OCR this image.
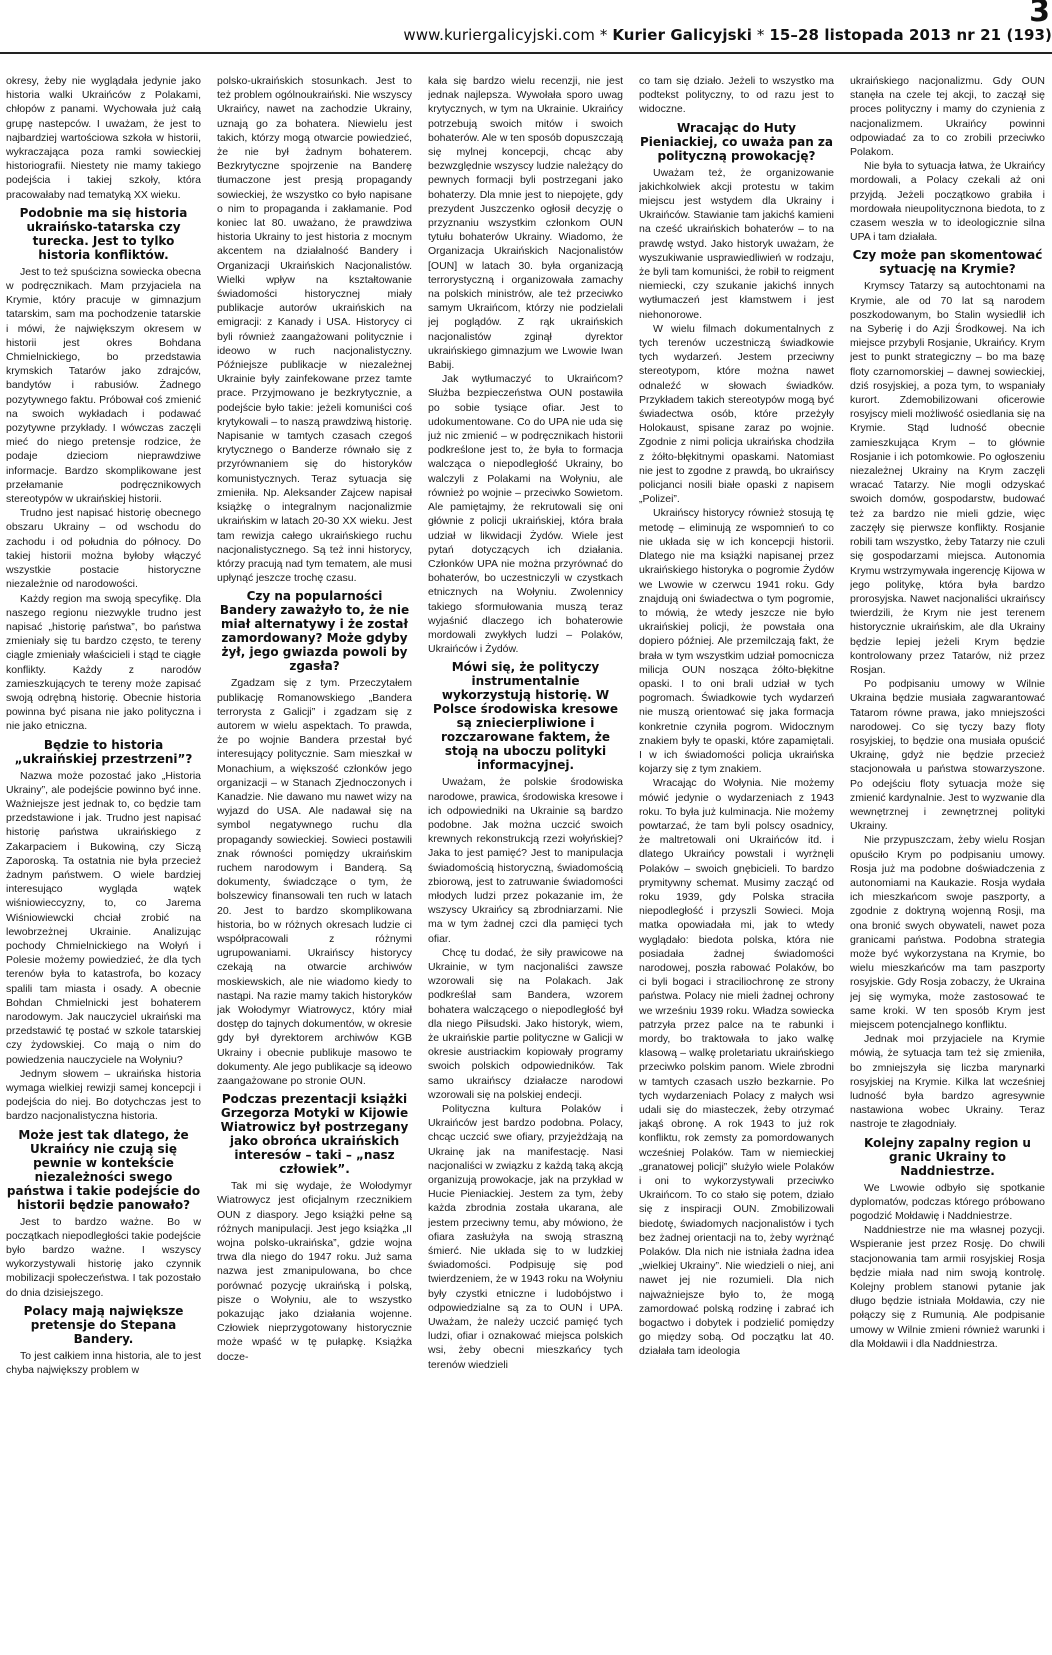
3
www.kuriergalicyjski.com * Kurier Galicyjski * 15–28 listopada 2013 nr 21 (193)

okresy, żeby nie wyglądała jedynie jako historia walki Ukraińców z Polakami, chłopów z panami. Wychowała już całą grupę nastepców. I uważam, że jest to najbardziej wartościowa szkoła w historii, wykraczająca poza ramki sowieckiej historiografii. Niestety nie mamy takiego podejścia i takiej szkoły, która pracowałaby nad tematyką XX wieku.

Podobnie ma się historia ukraińsko-tatarska czy turecka. Jest to tylko historia konfliktów.

Jest to też spuścizna sowiecka obecna w podręcznikach. Mam przyjaciela na Krymie, który pracuje w gimnazjum tatarskim, sam ma pochodzenie tatarskie i mówi, że największym okresem w historii jest okres Bohdana Chmielnickiego, bo przedstawia krymskich Tatarów jako zdrajców, bandytów i rabusiów. Żadnego pozytywnego faktu. Próbował coś zmienić na swoich wykładach i podawać pozytywne przykłady. I wówczas zaczęli mieć do niego pretensje rodzice, że podaje dzieciom nieprawdziwe informacje. Bardzo skomplikowane jest przełamanie podręcznikowych stereotypów w ukraińskiej historii.

Trudno jest napisać historię obecnego obszaru Ukrainy – od wschodu do zachodu i od południa do północy. Do takiej historii można byłoby włączyć wszystkie postacie historyczne niezależnie od narodowości.

Każdy region ma swoją specyfikę. Dla naszego regionu niezwykle trudno jest napisać „historię państwa”, bo państwa zmieniały się tu bardzo często, te tereny ciągle zmieniały właścicieli i stąd te ciągłe konflikty. Każdy z narodów zamieszkujących te tereny może zapisać swoją odrębną historię. Obecnie historia powinna być pisana nie jako polityczna i nie jako etniczna.

Będzie to historia „ukraińskiej przestrzeni”?

Nazwa może pozostać jako „Historia Ukrainy”, ale podejście powinno być inne. Ważniejsze jest jednak to, co będzie tam przedstawione i jak. Trudno jest napisać historię państwa ukraińskiego z Zakarpaciem i Bukowiną, czy Siczą Zaporoską. Ta ostatnia nie była przecież żadnym państwem. O wiele bardziej interesująco wygląda wątek wiśniowieccyzny, to, co Jarema Wiśniowiewcki chciał zrobić na lewobrzeżnej Ukrainie. Analizując pochody Chmielnickiego na Wołyń i Polesie możemy powiedzieć, że dla tych terenów była to katastrofa, bo kozacy spalili tam miasta i osady. A obecnie Bohdan Chmielnicki jest bohaterem narodowym. Jak nauczyciel ukraiński ma przedstawić tę postać w szkole tatarskiej czy żydowskiej. Co mają o nim do powiedzenia nauczyciele na Wołyniu?

Jednym słowem – ukraińska historia wymaga wielkiej rewizji samej koncepcji i podejścia do niej. Bo dotychczas jest to bardzo nacjonalistyczna historia.

Może jest tak dlatego, że Ukraińcy nie czują się pewnie w kontekście niezależności swego państwa i takie podejście do historii będzie panowało?

Jest to bardzo ważne. Bo w początkach niepodległości takie podejście było bardzo ważne. I wszyscy wykorzystywali historię jako czynnik mobilizacji społeczeństwa. I tak pozostało do dnia dzisiejszego.

Polacy mają największe pretensje do Stepana Bandery.

To jest całkiem inna historia, ale to jest chyba największy problem w

polsko-ukraińskich stosunkach. Jest to też problem ogólnoukraiński. Nie wszyscy Ukraińcy, nawet na zachodzie Ukrainy, uznają go za bohatera. Niewielu jest takich, którzy mogą otwarcie powiedzieć, że nie był żadnym bohaterem. Bezkrytyczne spojrzenie na Banderę tłumaczone jest presją propagandy sowieckiej, że wszystko co było napisane o nim to propaganda i zakłamanie. Pod koniec lat 80. uważano, że prawdziwa historia Ukrainy to jest historia z mocnym akcentem na działalność Bandery i Organizacji Ukraińskich Nacjonalistów. Wielki wpływ na kształtowanie świadomości historycznej miały publikacje autorów ukraińskich na emigracji: z Kanady i USA. Historycy ci byli również zaangażowani politycznie i ideowo w ruch nacjonalistyczny. Późniejsze publikacje w niezależnej Ukrainie były zainfekowane przez tamte prace. Przyjmowano je bezkrytycznie, a podejście było takie: jeżeli komuniści coś krytykowali – to naszą prawdziwą historię. Napisanie w tamtych czasach czegoś krytycznego o Banderze równało się z przyrównaniem się do historyków komunistycznych. Teraz sytuacja się zmieniła. Np. Aleksander Zajcew napisał książkę o integralnym nacjonalizmie ukraińskim w latach 20-30 XX wieku. Jest tam rewizja całego ukraińskiego ruchu nacjonalistycznego. Są też inni historycy, którzy pracują nad tym tematem, ale musi upłynąć jeszcze trochę czasu.

Czy na popularności Bandery zaważyło to, że nie miał alternatywy i że został zamordowany? Może gdyby żył, jego gwiazda powoli by zgasła?

Zgadzam się z tym. Przeczytałem publikację Romanowskiego „Bandera terrorysta z Galicji” i zgadzam się z autorem w wielu aspektach. To prawda, że po wojnie Bandera przestał być interesujący politycznie. Sam mieszkał w Monachium, a większość członków jego organizacji – w Stanach Zjednoczonych i Kanadzie. Nie dawano mu nawet wizy na wyjazd do USA. Ale nadawał się na symbol negatywnego ruchu dla propagandy sowieckiej. Sowieci postawili znak równości pomiędzy ukraińskim ruchem narodowym i Banderą. Są dokumenty, świadczące o tym, że bolszewicy finansowali ten ruch w latach 20. Jest to bardzo skomplikowana historia, bo w różnych okresach ludzie ci współpracowali z różnymi ugrupowaniami. Ukraińscy historycy czekają na otwarcie archiwów moskiewskich, ale nie wiadomo kiedy to nastąpi. Na razie mamy takich historyków jak Wołodymyr Wiatrowycz, który miał dostęp do tajnych dokumentów, w okresie gdy był dyrektorem archiwów KGB Ukrainy i obecnie publikuje masowo te dokumenty. Ale jego publikacje są ideowo zaangażowane po stronie OUN.

Podczas prezentacji książki Grzegorza Motyki w Kijowie Wiatrowicz był postrzegany jako obrońca ukraińskich interesów – taki – „nasz człowiek”.

Tak mi się wydaje, że Wołodymyr Wiatrowycz jest oficjalnym rzecznikiem OUN z diaspory. Jego książki pełne są różnych manipulacji. Jest jego książka „II wojna polsko-ukraińska”, gdzie wojna trwa dla niego do 1947 roku. Już sama nazwa jest zmanipulowana, bo chce porównać pozycję ukraińską i polską, pisze o Wołyniu, ale to wszystko pokazując jako działania wojenne. Człowiek nieprzygotowany historycznie może wpaść w tę pułapkę. Książka docze-

kała się bardzo wielu recenzji, nie jest jednak najlepsza. Wywołała sporo uwag krytycznych, w tym na Ukrainie. Ukraińcy potrzebują swoich mitów i swoich bohaterów. Ale w ten sposób dopuszczają się mylnej koncepcji, chcąc aby bezwzględnie wszyscy ludzie należący do pewnych formacji byli postrzegani jako bohaterzy. Dla mnie jest to niepojęte, gdy prezydent Juszczenko ogłosił decyzję o przyznaniu wszystkim członkom OUN tytułu bohaterów Ukrainy. Wiadomo, że Organizacja Ukraińskich Nacjonalistów [OUN] w latach 30. była organizacją terrorystyczną i organizowała zamachy na polskich ministrów, ale też przeciwko samym Ukraińcom, którzy nie podzielali jej poglądów. Z rąk ukraińskich nacjonalistów zginął dyrektor ukraińskiego gimnazjum we Lwowie Iwan Babij.

Jak wytłumaczyć to Ukraińcom? Służba bezpieczeństwa OUN postawiła po sobie tysiące ofiar. Jest to udokumentowane. Co do UPA nie uda się już nic zmienić – w podręcznikach historii podkreślone jest to, że była to formacja walcząca o niepodległość Ukrainy, bo walczyli z Polakami na Wołyniu, ale również po wojnie – przeciwko Sowietom. Ale pamiętajmy, że rekrutowali się oni głównie z policji ukraińskiej, która brała udział w likwidacji Żydów. Wiele jest pytań dotyczących ich działania. Członków UPA nie można przyrównać do bohaterów, bo uczestniczyli w czystkach etnicznych na Wołyniu. Zwolennicy takiego sformułowania muszą teraz wyjaśnić dlaczego ich bohaterowie mordowali zwykłych ludzi – Polaków, Ukraińców i Żydów.

Mówi się, że polityczy instrumentalnie wykorzystują historię. W Polsce środowiska kresowe są zniecierpliwione i rozczarowane faktem, że stoją na uboczu polityki informacyjnej.

Uważam, że polskie środowiska narodowe, prawica, środowiska kresowe i ich odpowiedniki na Ukrainie są bardzo podobne. Jak można uczcić swoich krewnych rekonstrukcją rzezi wołyńskiej? Jaka to jest pamięć? Jest to manipulacja świadomością historyczną, świadomością zbiorową, jest to zatruwanie świadomości młodych ludzi przez pokazanie im, że wszyscy Ukraińcy są zbrodniarzami. Nie ma w tym żadnej czci dla pamięci tych ofiar.

Chcę tu dodać, że siły prawicowe na Ukrainie, w tym nacjonaliści zawsze wzorowali się na Polakach. Jak podkreślał sam Bandera, wzorem bohatera walczącego o niepodległość był dla niego Piłsudski. Jako historyk, wiem, że ukraińskie partie polityczne w Galicji w okresie austriackim kopiowały programy swoich polskich odpowiedników. Tak samo ukraińscy działacze narodowi wzorowali się na polskiej endecji.

Polityczna kultura Polaków i Ukraińców jest bardzo podobna. Polacy, chcąc uczcić swe ofiary, przyjeżdżają na Ukrainę jak na manifestację. Nasi nacjonaliści w związku z każdą taką akcją organizują prowokacje, jak na przykład w Hucie Pieniackiej. Jestem za tym, żeby każda zbrodnia została ukarana, ale jestem przeciwny temu, aby mówiono, że ofiara zasłużyła na swoją straszną śmierć. Nie układa się to w ludzkiej świadomości. Podpisuję się pod twierdzeniem, że w 1943 roku na Wołyniu były czystki etniczne i ludobójstwo i odpowiedzialne są za to OUN i UPA. Uważam, że należy uczcić pamięć tych ludzi, ofiar i oznakować miejsca polskich wsi, żeby obecni mieszkańcy tych terenów wiedzieli

co tam się działo. Jeżeli to wszystko ma podtekst polityczny, to od razu jest to widoczne.

Wracając do Huty Pieniackiej, co uważa pan za polityczną prowokację?

Uważam też, że organizowanie jakichkolwiek akcji protestu w takim miejscu jest wstydem dla Ukrainy i Ukraińców. Stawianie tam jakichś kamieni na cześć ukraińskich bohaterów – to na prawdę wstyd. Jako historyk uważam, że wyszukiwanie usprawiedliwień w rodzaju, że byli tam komuniści, że robił to reigment niemiecki, czy szukanie jakichś innych wytłumaczeń jest kłamstwem i jest niehonorowe.

W wielu filmach dokumentalnych z tych terenów uczestniczą świadkowie tych wydarzeń. Jestem przeciwny stereotypom, które można nawet odnaleźć w słowach świadków. Przykładem takich stereotypów mogą być świadectwa osób, które przeżyły Holokaust, spisane zaraz po wojnie. Zgodnie z nimi policja ukraińska chodziła z żółto-błękitnymi opaskami. Natomiast nie jest to zgodne z prawdą, bo ukraińscy policjanci nosili białe opaski z napisem „Polizei”.

Ukraińscy historycy również stosują tę metodę – eliminują ze wspomnień to co nie układa się w ich koncepcji historii. Dlatego nie ma książki napisanej przez ukraińskiego historyka o pogromie Żydów we Lwowie w czerwcu 1941 roku. Gdy znajdują oni świadectwa o tym pogromie, to mówią, że wtedy jeszcze nie było ukraińskiej policji, że powstała ona dopiero później. Ale przemilczają fakt, że brała w tym wszystkim udział pomocnicza milicja OUN nosząca żółto-błękitne opaski. I to oni brali udział w tych pogromach. Świadkowie tych wydarzeń nie muszą orientować się jaka formacja konkretnie czyniła pogrom. Widocznym znakiem były te opaski, które zapamiętali. I w ich świadomości policja ukraińska kojarzy się z tym znakiem.

Wracając do Wołynia. Nie możemy mówić jedynie o wydarzeniach z 1943 roku. To była już kulminacja. Nie możemy powtarzać, że tam byli polscy osadnicy, że maltretowali oni Ukraińców itd. i dlatego Ukraińcy powstali i wyrżnęli Polaków – swoich gnębicieli. To bardzo prymitywny schemat. Musimy zacząć od roku 1939, gdy Polska straciła niepodległość i przyszli Sowieci. Moja matka opowiadała mi, jak to wtedy wyglądało: biedota polska, która nie posiadała żadnej świadomości narodowej, poszła rabować Polaków, bo ci byli bogaci i straciliochronę ze strony państwa. Polacy nie mieli żadnej ochrony we wrześniu 1939 roku. Władza sowiecka patrzyła przez palce na te rabunki i mordy, bo traktowała to jako walkę klasową – walkę proletariatu ukraińskiego przeciwko polskim panom. Wiele zbrodni w tamtych czasach uszło bezkarnie. Po tych wydarzeniach Polacy z małych wsi udali się do miasteczek, żeby otrzymać jakąś obronę. A rok 1943 to już rok konfliktu, rok zemsty za pomordowanych wcześniej Polaków. Tam w niemieckiej „granatowej policji” służyło wiele Polaków i oni to wykorzystywali przeciwko Ukraińcom. To co stało się potem, działo się z inspiracji OUN. Zmobilizowali biedotę, świadomych nacjonalistów i tych bez żadnej orientacji na to, żeby wyrżnąć Polaków. Dla nich nie istniała żadna idea „wielkiej Ukrainy”. Nie wiedzieli o niej, ani nawet jej nie rozumieli. Dla nich najważniejsze było to, że mogą zamordować polską rodzinę i zabrać ich bogactwo i dobytek i podzielić pomiędzy go między sobą. Od początku lat 40. działała tam ideologia

ukraińskiego nacjonalizmu. Gdy OUN stanęła na czele tej akcji, to zaczął się proces polityczny i mamy do czynienia z nacjonalizmem. Ukraińcy powinni odpowiadać za to co zrobili przeciwko Polakom.

Nie była to sytuacja łatwa, że Ukraińcy mordowali, a Polacy czekali aż oni przyjdą. Jeżeli początkowo grabiła i mordowała nieupolitycznona biedota, to z czasem weszła w to ideologicznie silna UPA i tam działała.

Czy może pan skomentować sytuację na Krymie?

Krymscy Tatarzy są autochtonami na Krymie, ale od 70 lat są narodem poszkodowanym, bo Stalin wysiedlił ich na Syberię i do Azji Środkowej. Na ich miejsce przybyli Rosjanie, Ukraińcy. Krym jest to punkt strategiczny – bo ma bazę floty czarnomorskiej – dawnej sowieckiej, dziś rosyjskiej, a poza tym, to wspaniały kurort. Zdemobilizowani oficerowie rosyjscy mieli możliwość osiedlania się na Krymie. Stąd ludność obecnie zamieszkująca Krym – to głównie Rosjanie i ich potomkowie. Po ogłoszeniu niezależnej Ukrainy na Krym zaczęli wracać Tatarzy. Nie mogli odzyskać swoich domów, gospodarstw, budować też za bardzo nie mieli gdzie, więc zaczęły się pierwsze konflikty. Rosjanie robili tam wszystko, żeby Tatarzy nie czuli się gospodarzami miejsca. Autonomia Krymu wstrzymywała ingerencję Kijowa w jego politykę, która była bardzo prorosyjska. Nawet nacjonaliści ukraińscy twierdzili, że Krym nie jest terenem historycznie ukraińskim, ale dla Ukrainy będzie lepiej jeżeli Krym będzie kontrolowany przez Tatarów, niż przez Rosjan.

Po podpisaniu umowy w Wilnie Ukraina będzie musiała zagwarantować Tatarom równe prawa, jako mniejszości narodowej. Co się tyczy bazy floty rosyjskiej, to będzie ona musiała opuścić Ukrainę, gdyż nie będzie przecież stacjonowała u państwa stowarzyszone. Po odejściu floty sytuacja może się zmienić kardynalnie. Jest to wyzwanie dla wewnętrznej i zewnętrznej polityki Ukrainy.

Nie przypuszczam, żeby wielu Rosjan opuściło Krym po podpisaniu umowy. Rosja już ma podobne doświadczenia z autonomiami na Kaukazie. Rosja wydała ich mieszkańcom swoje paszporty, a zgodnie z doktryną wojenną Rosji, ma ona bronić swych obywateli, nawet poza granicami państwa. Podobna strategia może być wykorzystana na Krymie, bo wielu mieszkańców ma tam paszporty rosyjskie. Gdy Rosja zobaczy, że Ukraina jej się wymyka, może zastosować te same kroki. W ten sposób Krym jest miejscem potencjalnego konfliktu.

Jednak moi przyjaciele na Krymie mówią, że sytuacja tam też się zmieniła, bo zmniejszyła się liczba marynarki rosyjskiej na Krymie. Kilka lat wcześniej ludność była bardzo agresywnie nastawiona wobec Ukrainy. Teraz nastroje te złagodniały.

Kolejny zapalny region u granic Ukrainy to Naddniestrze.

We Lwowie odbyło się spotkanie dyplomatów, podczas którego próbowano pogodzić Mołdawię i Naddniestrze.

Naddniestrze nie ma własnej pozycji. Wspieranie jest przez Rosję. Do chwili stacjonowania tam armii rosyjskiej Rosja będzie miała nad nim swoją kontrolę. Kolejny problem stanowi pytanie jak długo będzie istniała Mołdawia, czy nie połączy się z Rumunią. Ale podpisanie umowy w Wilnie zmieni również warunki i dla Mołdawii i dla Naddniestrza.
